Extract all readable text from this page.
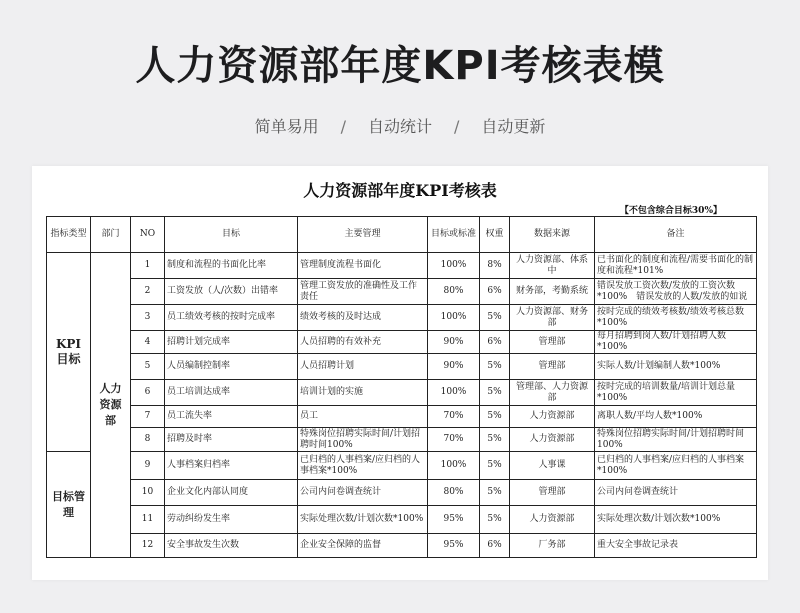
人力资源部年度KPI考核表模
简单易用 / 自动统计 / 自动更新
人力资源部年度KPI考核表
【不包含综合目标30%】
指标类型	部门	NO	目标	主要管理	目标或标准	权重	数据来源	备注
KPI 目标	人力资源部	1	制度和流程的书面化比率	管理制度流程书面化	100%	8%	人力资源部、体系中	已书面化的制度和流程/需要书面化的制度和流程*101%
		2	工资发放（人/次数）出错率	管理工资发放的准确性及工作责任	80%	6%	财务部，考勤系统	错误发放工资次数/发放的工资次数*100%　错误发放的人数/发放的如说
		3	员工绩效考核的按时完成率	绩效考核的及时达成	100%	5%	人力资源部、财务部	按时完成的绩效考核数/绩效考核总数*100%
		4	招聘计划完成率	人员招聘的有效补充	90%	6%	管理部	每月招聘到岗人数/计划招聘人数*100%
		5	人员编制控制率	人员招聘计划	90%	5%	管理部	实际人数/计划编制人数*100%
		6	员工培训达成率	培训计划的实施	100%	5%	管理部、人力资源部	按时完成的培训数量/培训计划总量*100%
		7	员工流失率	员工	70%	5%	人力资源部	离职人数/平均人数*100%
		8	招聘及时率	特殊岗位招聘实际时间/计划招聘时间100%	70%	5%	人力资源部	特殊岗位招聘实际时间/计划招聘时间100%
目标管理		9	人事档案归档率	已归档的人事档案/应归档的人事档案*100%	100%	5%	人事课	已归档的人事档案/应归档的人事档案*100%
		10	企业文化内部认同度	公司内问卷调查统计	80%	5%	管理部	公司内问卷调查统计
		11	劳动纠纷发生率	实际处理次数/计划次数*100%	95%	5%	人力资源部	实际处理次数/计划次数*100%
		12	安全事故发生次数	企业安全保障的监督	95%	6%	厂务部	重大安全事故记录表
